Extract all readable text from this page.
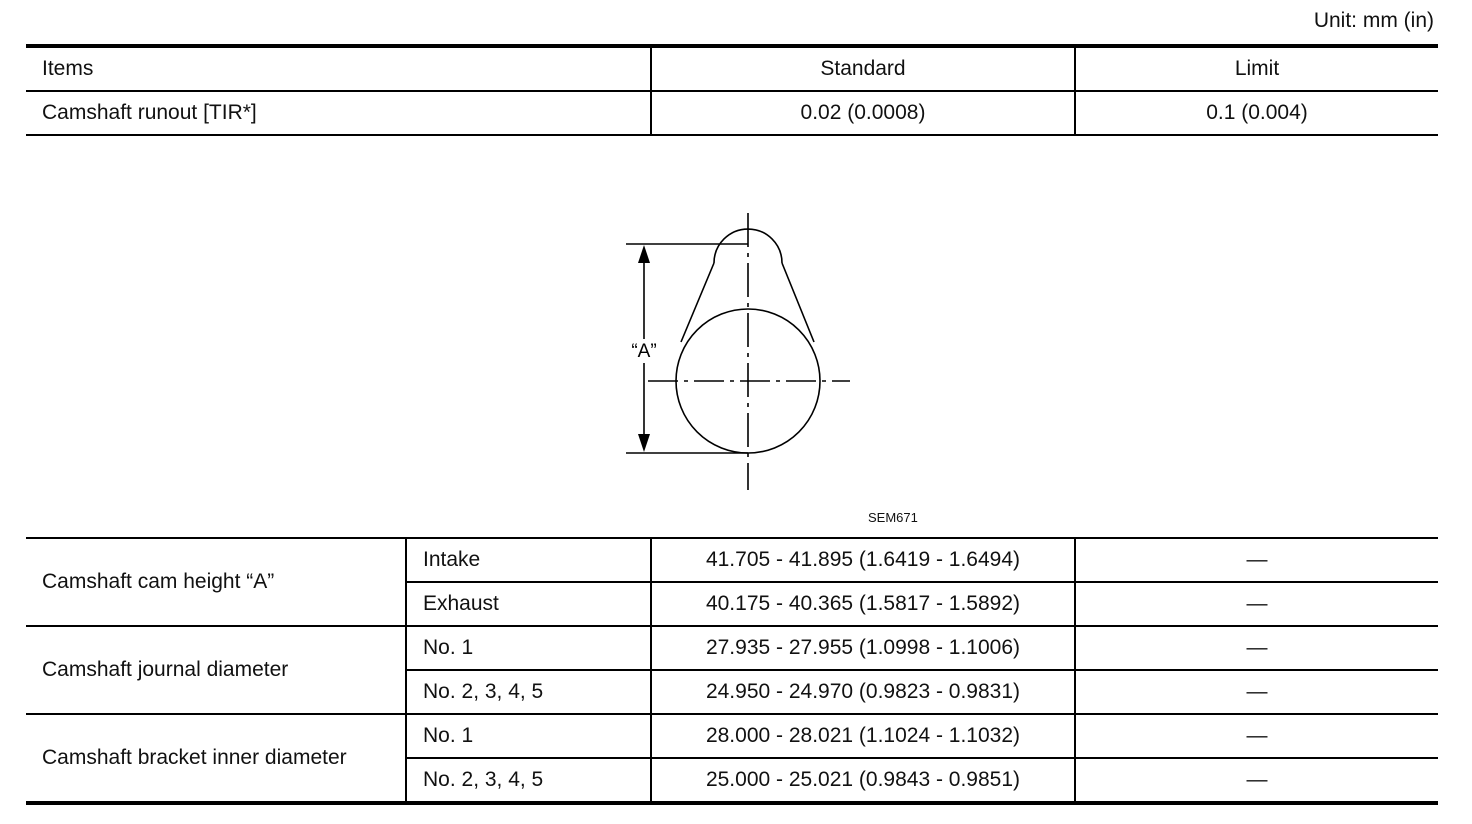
Unit: mm (in)
Items	Standard	Limit
Camshaft runout [TIR*]	0.02 (0.0008)	0.1 (0.004)
“A”
SEM671
Camshaft cam height “A”	Intake	41.705 - 41.895 (1.6419 - 1.6494)	—
	Exhaust	40.175 - 40.365 (1.5817 - 1.5892)	—
Camshaft journal diameter	No. 1	27.935 - 27.955 (1.0998 - 1.1006)	—
	No. 2, 3, 4, 5	24.950 - 24.970 (0.9823 - 0.9831)	—
Camshaft bracket inner diameter	No. 1	28.000 - 28.021 (1.1024 - 1.1032)	—
	No. 2, 3, 4, 5	25.000 - 25.021 (0.9843 - 0.9851)	—
